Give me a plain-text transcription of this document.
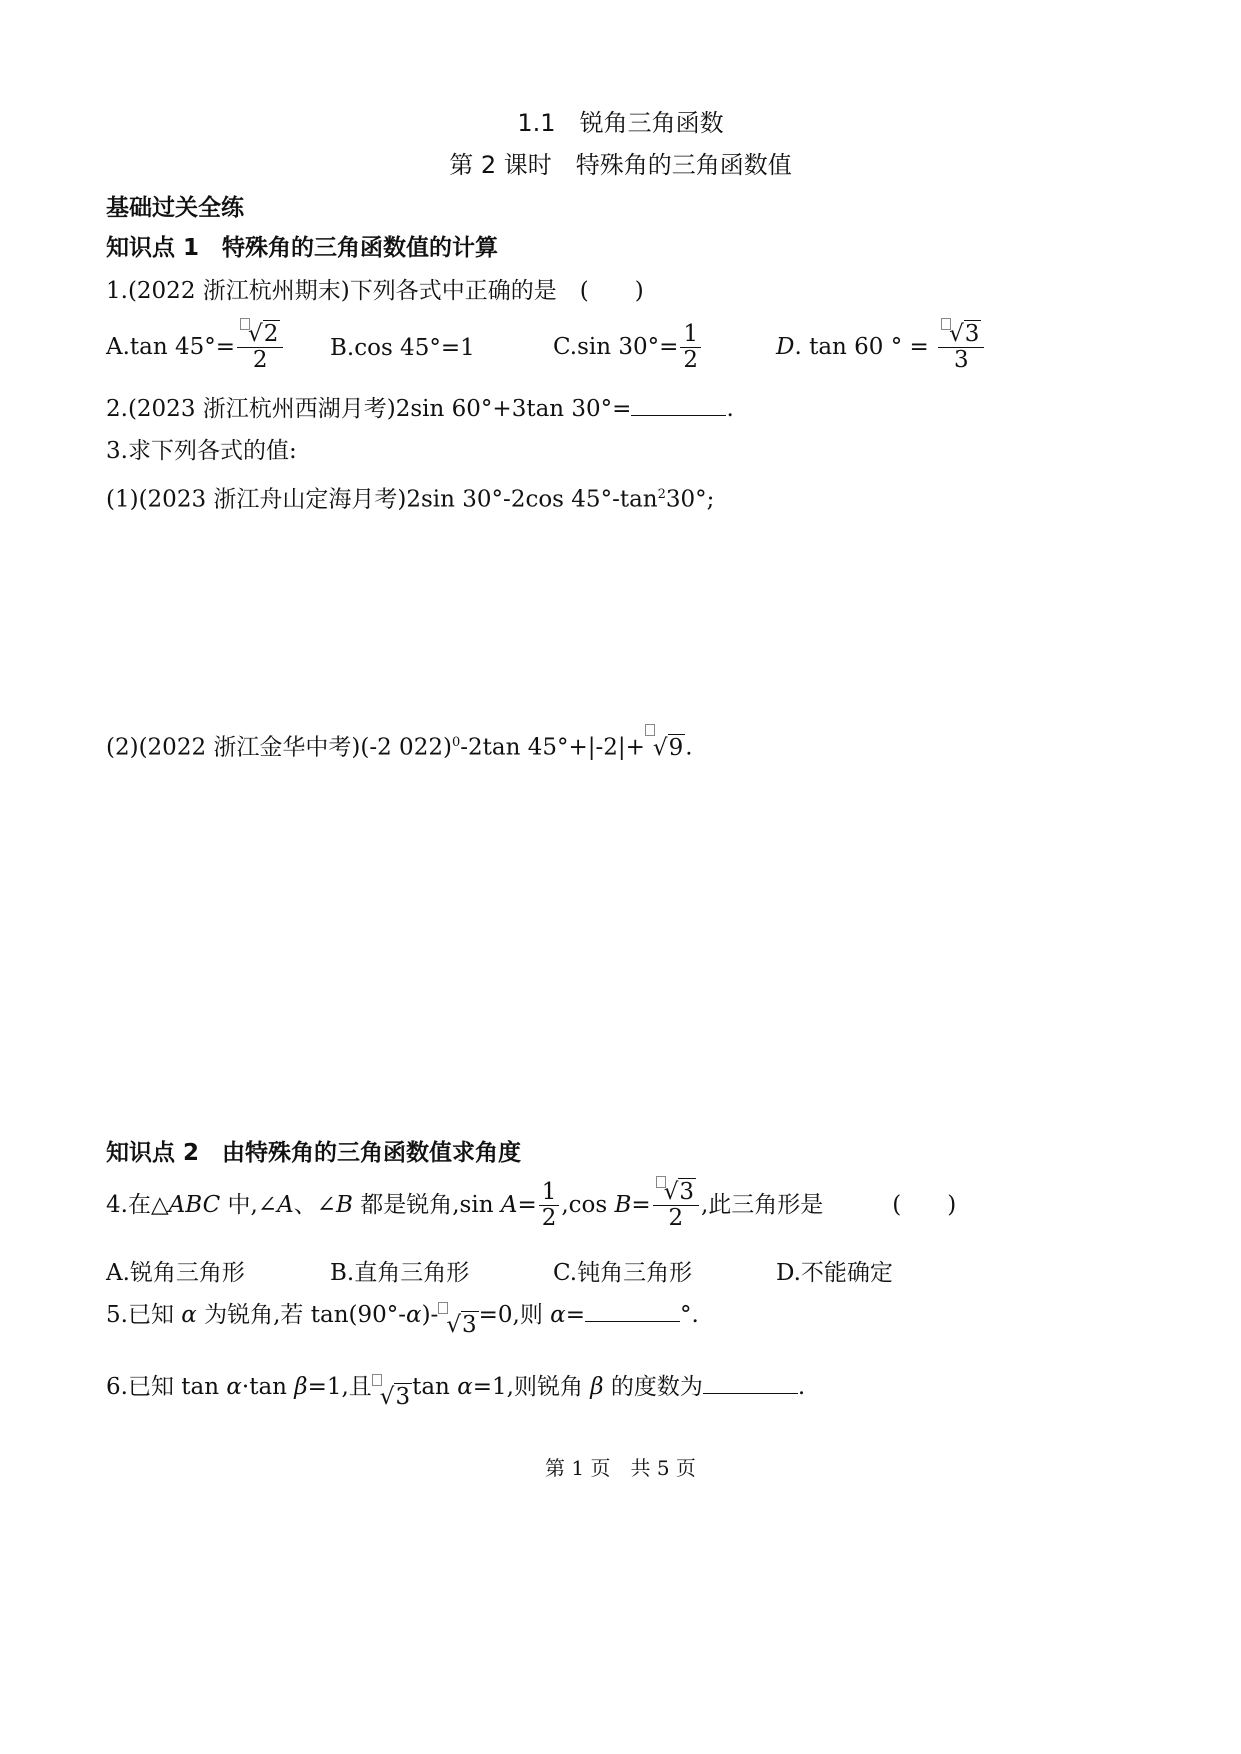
1.1　锐角三角函数
第 2 课时　特殊角的三角函数值
基础过关全练
知识点 1　特殊角的三角函数值的计算
1.(2022 浙江杭州期末)下列各式中正确的是　(　　)
A.tan $45^\circ= \frac{√2}{2} B.\cos$ 45°=1	C.sin $30^\circ= \frac{1}{2}$	D. tan 60 ° = $\frac{√3}{3}$
2.(2023 浙江杭州西湖月考)2sin 60°+3tan 30°=	.
3.求下列各式的值:
(1)(2023 浙江舟山定海月考)2sin 30°-2cos $45^\circ-\tan^230^\circ$;
(2)(2022 浙江金华中考)(-2 022)$^0$-2tan 45°+|-2|+ √9.
知识点 2　由特殊角的三角函数值求角度
4.在△ABC 中,∠A、∠B 都是锐角,sin $A= \frac{1}{2} ,\cos$ $B= \frac{√3}{2}$ ,此三角形是　　　(　　)
A.锐角三角形	B.直角三角形	C.钝角三角形	D.不能确定
5.已知 α 为锐角,若 tan(90°-α)- √3=0,则 α=	°.
6.已知 tan α·tan β=1,且 √3tan α=1,则锐角 β 的度数为	.
第 1 页　共 5 页
